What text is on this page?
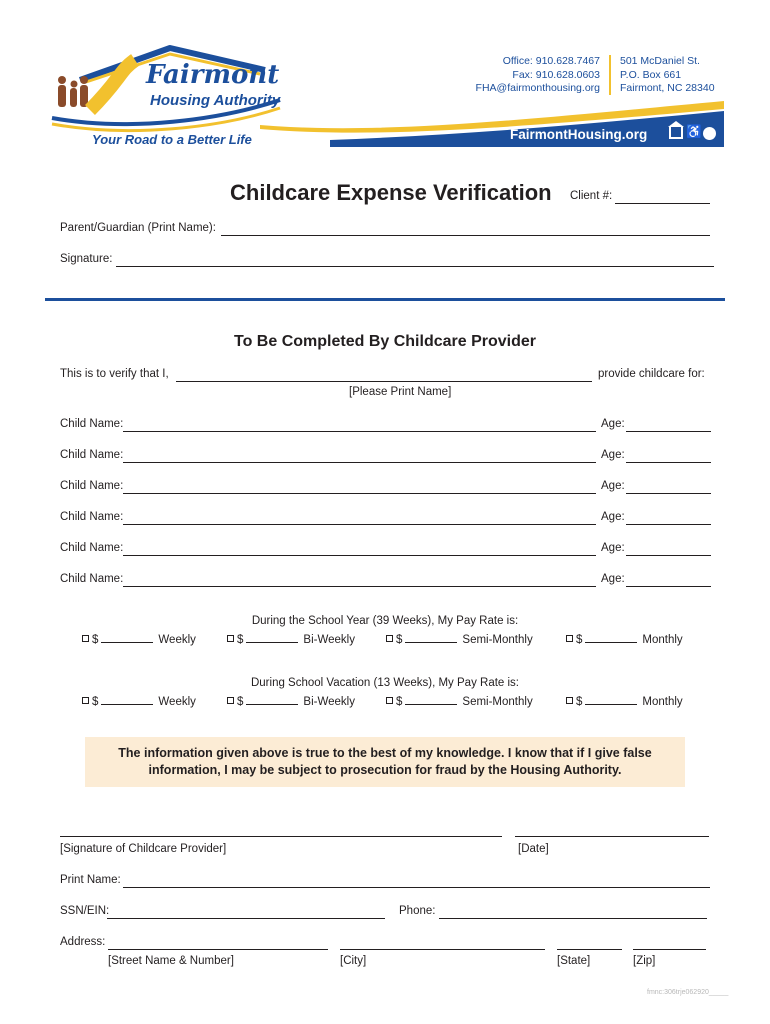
Fairmont
Housing Authority
Your Road to a Better Life
Office: 910.628.7467
Fax: 910.628.0603
FHA@fairmonthousing.org
501 McDaniel St.
P.O. Box 661
Fairmont, NC 28340
FairmontHousing.org	♿
Childcare Expense Verification Client #:
Parent/Guardian (Print Name):
Signature:
To Be Completed By Childcare Provider
This is to verify that I,	provide childcare for:
[Please Print Name]
Child Name:	Age:
Child Name:	Age:
Child Name:	Age:
Child Name:	Age:
Child Name:	Age:
Child Name:	Age:
During the School Year (39 Weeks), My Pay Rate is:
$	Weekly	$	Bi-Weekly	$	Semi-Monthly	$	Monthly
During School Vacation (13 Weeks), My Pay Rate is:
$	Weekly	$	Bi-Weekly	$	Semi-Monthly	$	Monthly
The information given above is true to the best of my knowledge. I know that if I give false
information, I may be subject to prosecution for fraud by the Housing Authority.
[Signature of Childcare Provider]	[Date]
Print Name:
SSN/EIN:	Phone:
Address:
[Street Name & Number]	[City]	[State]	[Zip]
fmnc:306trje062920_____
